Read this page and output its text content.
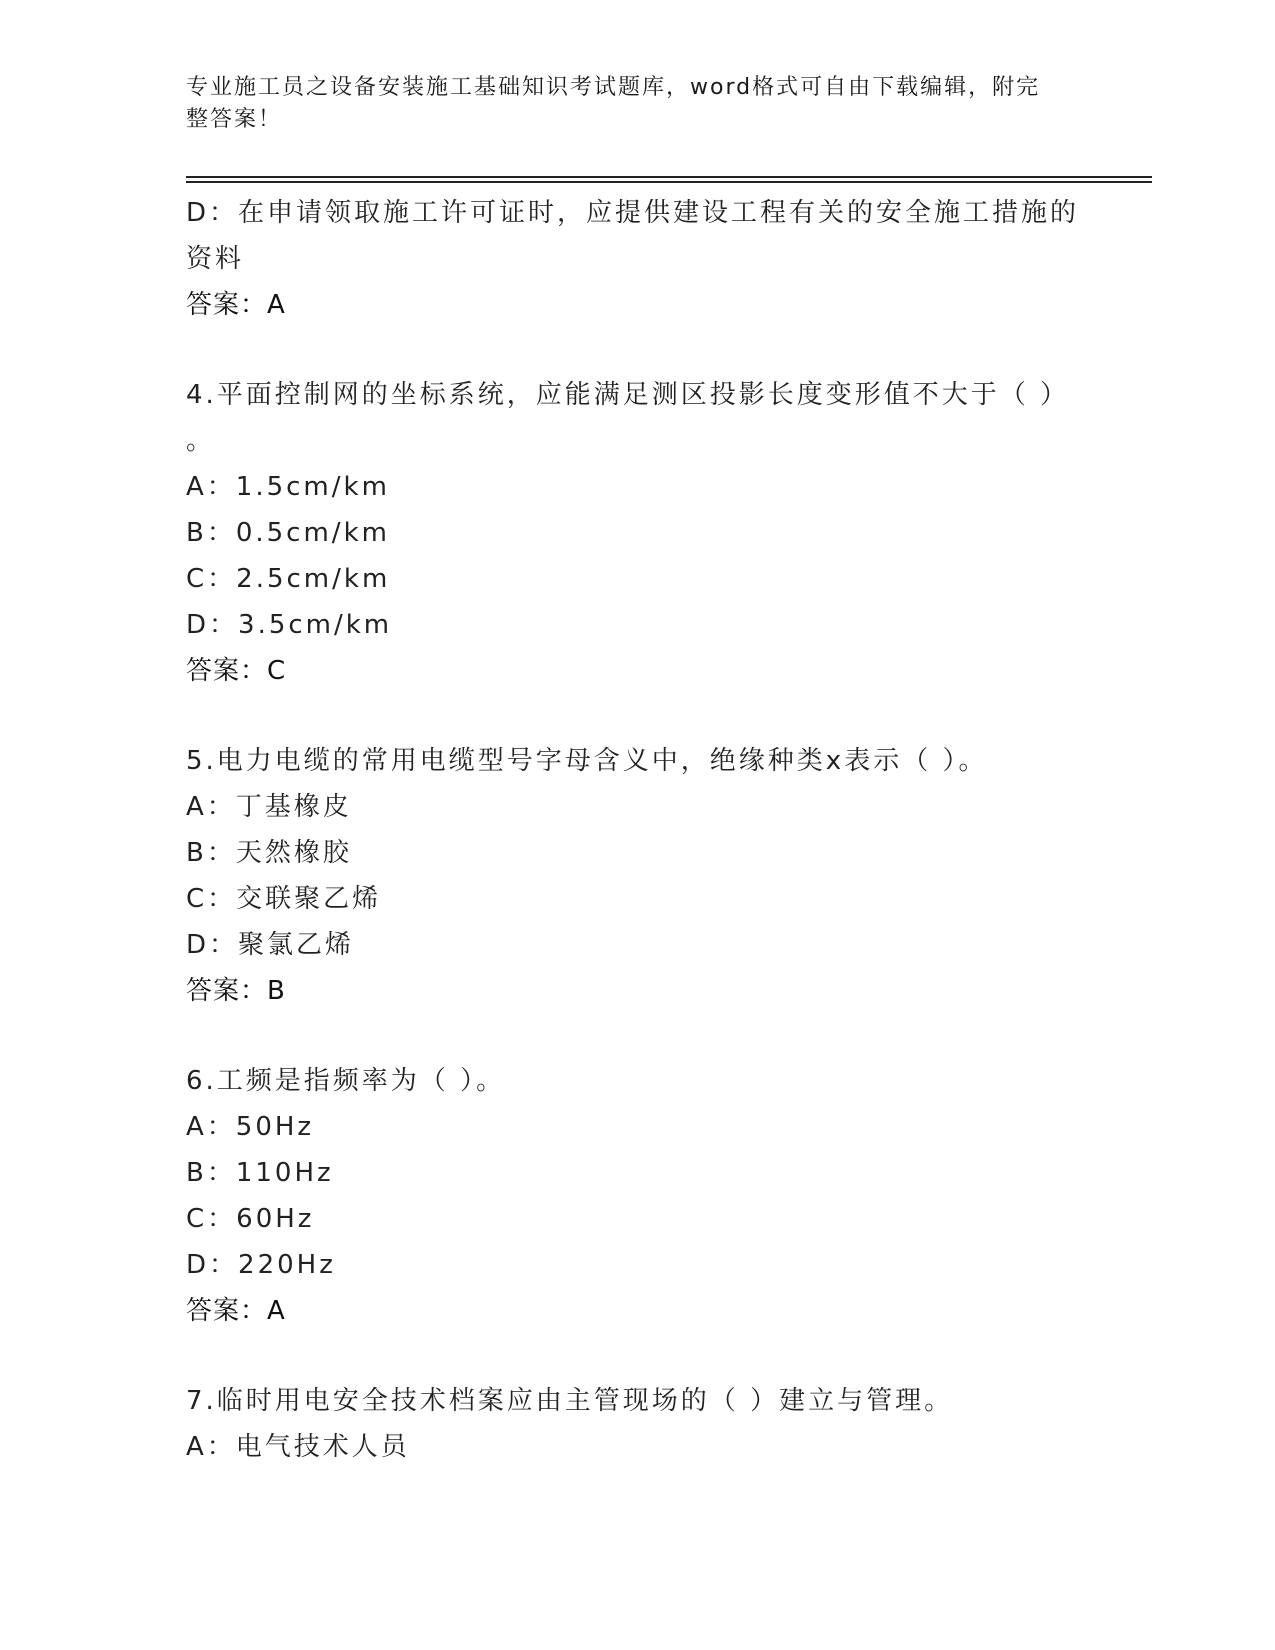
专业施工员之设备安装施工基础知识考试题库，word格式可自由下载编辑，附完
整答案！
D：在申请领取施工许可证时，应提供建设工程有关的安全施工措施的
资料
答案：A
4.平面控制网的坐标系统，应能满足测区投影长度变形值不大于（ ）
。
A：1.5cm/km
B：0.5cm/km
C：2.5cm/km
D：3.5cm/km
答案：C
5.电力电缆的常用电缆型号字母含义中，绝缘种类x表示（ ）。
A：丁基橡皮
B：天然橡胶
C：交联聚乙烯
D：聚氯乙烯
答案：B
6.工频是指频率为（ ）。
A：50Hz
B：110Hz
C：60Hz
D：220Hz
答案：A
7.临时用电安全技术档案应由主管现场的（ ）建立与管理。
A：电气技术人员
